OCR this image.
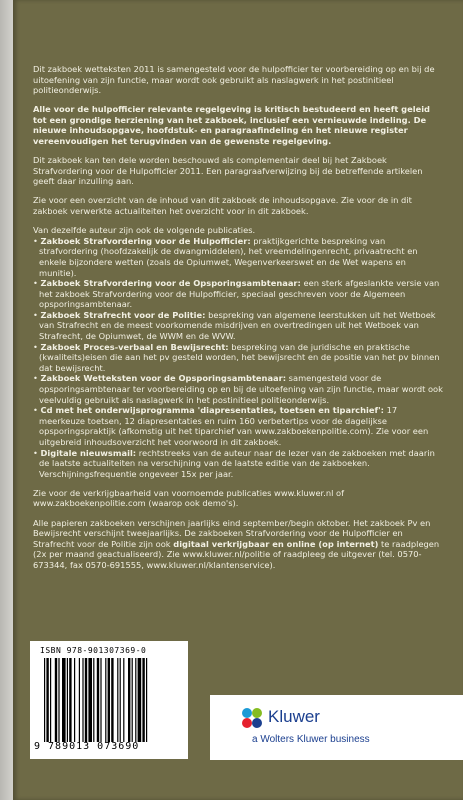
Dit zakboek wetteksten 2011 is samengesteld voor de hulpofficier ter voorbereiding op en bij de uitoefening van zijn functie, maar wordt ook gebruikt als naslagwerk in het postinitieel politieonderwijs.

Alle voor de hulpofficier relevante regelgeving is kritisch bestudeerd en heeft geleid tot een grondige herziening van het zakboek, inclusief een vernieuwde indeling. De nieuwe inhoudsopgave, hoofdstuk- en paragraafindeling én het nieuwe register vereenvoudigen het terugvinden van de gewenste regelgeving.

Dit zakboek kan ten dele worden beschouwd als complementair deel bij het Zakboek Strafvordering voor de Hulpofficier 2011. Een paragraafverwijzing bij de betreffende artikelen geeft daar inzulling aan.

Zie voor een overzicht van de inhoud van dit zakboek de inhoudsopgave. Zie voor de in dit zakboek verwerkte actualiteiten het overzicht voor in dit zakboek.

Van dezelfde auteur zijn ook de volgende publicaties.
• Zakboek Strafvordering voor de Hulpofficier: praktijkgerichte bespreking van strafvordering (hoofdzakelijk de dwangmiddelen), het vreemdelingenrecht, privaatrecht en enkele bijzondere wetten (zoals de Opiumwet, Wegenverkeerswet en de Wet wapens en munitie).
• Zakboek Strafvordering voor de Opsporingsambtenaar: een sterk afgeslankte versie van het zakboek Strafvordering voor de Hulpofficier, speciaal geschreven voor de Algemeen opsporingsambtenaar.
• Zakboek Strafrecht voor de Politie: bespreking van algemene leerstukken uit het Wetboek van Strafrecht en de meest voorkomende misdrijven en overtredingen uit het Wetboek van Strafrecht, de Opiumwet, de WWM en de WVW.
• Zakboek Proces-verbaal en Bewijsrecht: bespreking van de juridische en praktische (kwaliteits)eisen die aan het pv gesteld worden, het bewijsrecht en de positie van het pv binnen dat bewijsrecht.
• Zakboek Wetteksten voor de Opsporingsambtenaar: samengesteld voor de opsporingsambtenaar ter voorbereiding op en bij de uitoefening van zijn functie, maar wordt ook veelvuldig gebruikt als naslagwerk in het postinitieel politieonderwijs.
• Cd met het onderwijsprogramma 'diapresentaties, toetsen en tiparchief': 17 meerkeuze toetsen, 12 diapresentaties en ruim 160 verbetertips voor de dagelijkse opsporingspraktijk (afkomstig uit het tiparchief van www.zakboekenpolitie.com). Zie voor een uitgebreid inhoudsoverzicht het voorwoord in dit zakboek.
• Digitale nieuwsmail: rechtstreeks van de auteur naar de lezer van de zakboeken met daarin de laatste actualiteiten na verschijning van de laatste editie van de zakboeken. Verschijningsfrequentie ongeveer 15x per jaar.

Zie voor de verkrijgbaarheid van voornoemde publicaties www.kluwer.nl of www.zakboekenpolitie.com (waarop ook demo's).

Alle papieren zakboeken verschijnen jaarlijks eind september/begin oktober. Het zakboek Pv en Bewijsrecht verschijnt tweejaarlijks. De zakboeken Strafvordering voor de Hulpofficier en Strafrecht voor de Politie zijn ook digitaal verkrijgbaar en online (op internet) te raadplegen (2x per maand geactualiseerd). Zie www.kluwer.nl/politie of raadpleeg de uitgever (tel. 0570-673344, fax 0570-691555, www.kluwer.nl/klantenservice).

ISBN 978-901307369-0
9 789013 073690
Kluwer
a Wolters Kluwer business
